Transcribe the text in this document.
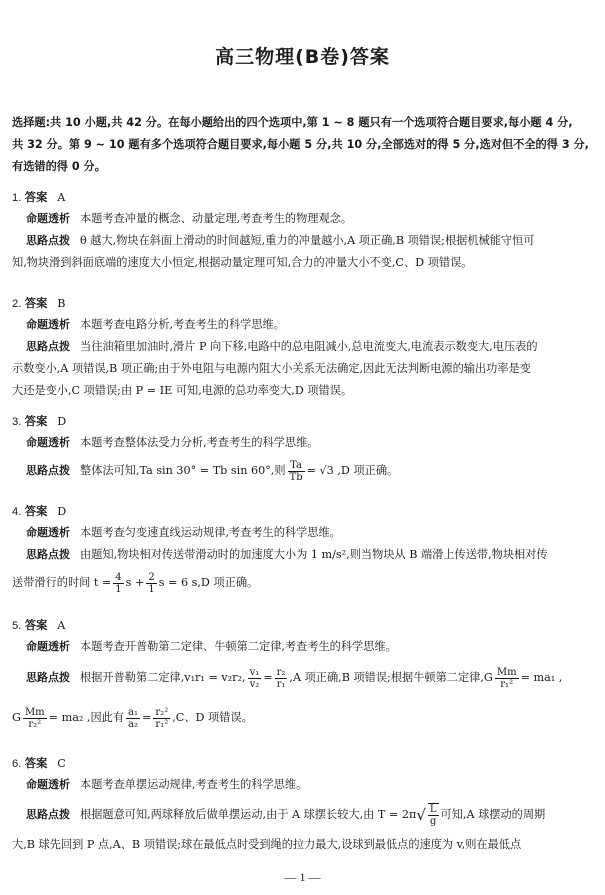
高三物理(B卷)答案
选择题:共 10 小题,共 42 分。在每小题给出的四个选项中,第 1 ~ 8 题只有一个选项符合题目要求,每小题 4 分,
共 32 分。第 9 ~ 10 题有多个选项符合题目要求,每小题 5 分,共 10 分,全部选对的得 5 分,选对但不全的得 3 分,
有选错的得 0 分。
1. 答案 A
命题透析 本题考查冲量的概念、动量定理,考查考生的物理观念。
思路点拨 θ 越大,物块在斜面上滑动的时间越短,重力的冲量越小,A 项正确,B 项错误;根据机械能守恒可
知,物块滑到斜面底端的速度大小恒定,根据动量定理可知,合力的冲量大小不变,C、D 项错误。
2. 答案 B
命题透析 本题考查电路分析,考查考生的科学思维。
思路点拨 当往油箱里加油时,滑片 P 向下移,电路中的总电阻减小,总电流变大,电流表示数变大,电压表的
示数变小,A 项错误,B 项正确;由于外电阻与电源内阻大小关系无法确定,因此无法判断电源的输出功率是变
大还是变小,C 项错误;由 P = IE 可知,电源的总功率变大,D 项错误。
3. 答案 D
命题透析 本题考查整体法受力分析,考查考生的科学思维。
思路点拨 整体法可知,Ta sin 30° = Tb sin 60°,则 $\frac{Ta}{Tb} = √3$ ,D 项正确。
4. 答案 D
命题透析 本题考查匀变速直线运动规律,考查考生的科学思维。
思路点拨 由题知,物块相对传送带滑动时的加速度大小为 1 m/s²,则当物块从 B 端滑上传送带,物块相对传
送带滑行的时间 $t = \frac{4}{1}$ $s + \frac{2}{1}$ s = 6 s,D 项正确。
5. 答案 A
命题透析 本题考查开普勒第二定律、牛顿第二定律,考查考生的科学思维。
思路点拨 根据开普勒第二定律,v₁r₁ = v₂r₂, $\frac{\text{v₁}}{\text{v₂}} = \frac{\text{r₂}}{\text{r₁}} ,A$ 项正确,B 项错误;根据牛顿第二定律$,G \frac{Mm}{\text{r₁²}} = ma_1$ ,
G $\frac{Mm}{\text{r₂²}} = ma_2$ ,因此有 $\frac{\text{a₁}}{\text{a₂}} = \frac{\text{r₂²}}{\text{r₁²}} ,C$、D 项错误。
6. 答案 C
命题透析 本题考查单摆运动规律,考查考生的科学思维。
思路点拨 根据题意可知,两球释放后做单摆运动,由于 A 球摆长较大,由 $T = 2\pi√ \frac{L}{g}$ 可知,A 球摆动的周期
大,B 球先回到 P 点,A、B 项错误;球在最低点时受到绳的拉力最大,设球到最低点的速度为 v,则在最低点
— 1 —
